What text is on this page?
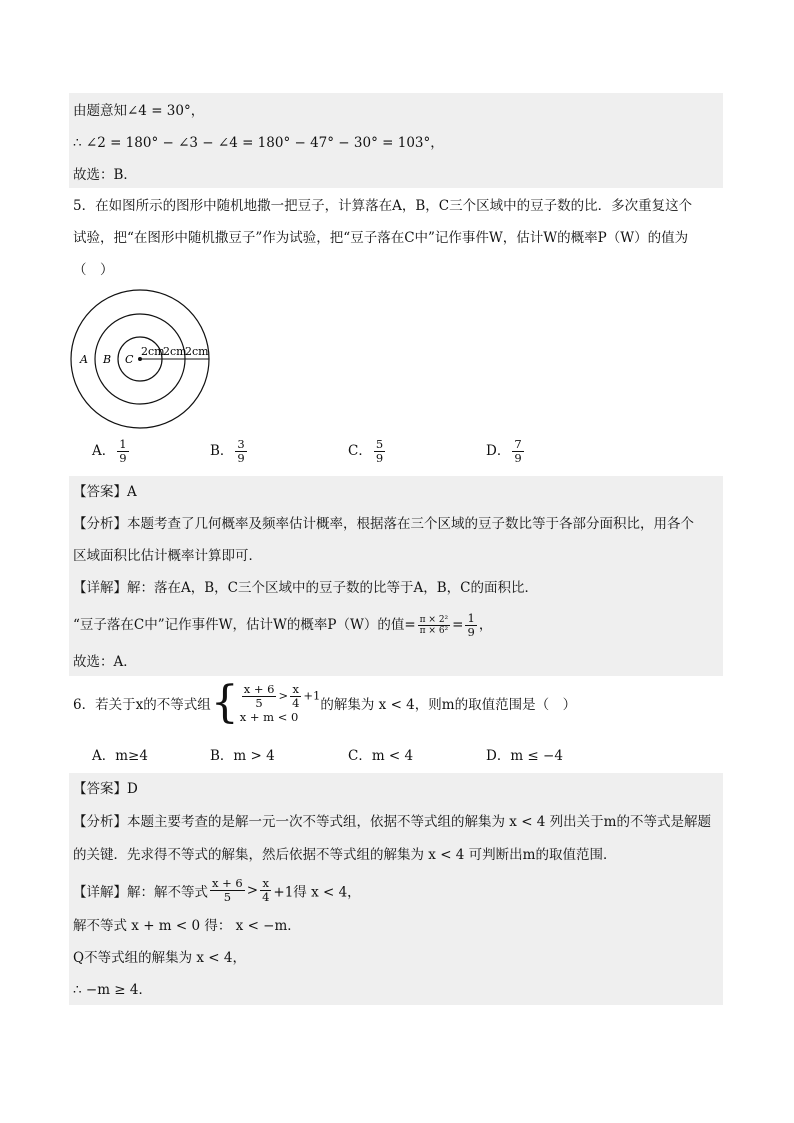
由题意知∠4 = 30°，
∴ ∠2 = 180° − ∠3 − ∠4 = 180° − 47° − 30° = 103°，
故选：B．
5．在如图所示的图形中随机地撒一把豆子，计算落在A，B，C三个区域中的豆子数的比．多次重复这个
试验，把“在图形中随机撒豆子”作为试验，把“豆子落在C中”记作事件W，估计W的概率P（W）的值为
（　）
A B C
2cm
2cm
2cm
A． $\frac{1}{9}$	B． $\frac{3}{9}$	C． $\frac{5}{9}$	D． $\frac{7}{9}$
【答案】A
【分析】本题考查了几何概率及频率估计概率，根据落在三个区域的豆子数比等于各部分面积比，用各个
区域面积比估计概率计算即可．
【详解】解：落在A，B，C三个区域中的豆子数的比等于A，B，C的面积比．
“豆子落在C中”记作事件W，估计W的概率P（W）的值= $\frac{\text{π × 2²}}{\text{π × 6²}} = \frac{1}{9}$ ，
故选：A．
6．若关于x的不等式组{ $\frac{x + 6}{5} > \frac{x}{4} +1$
x + m < 0
的解集为 x < 4，则m的取值范围是（　）
A．m≥4	B．m > 4	C．m < 4	D．m ≤ −4
【答案】D
【分析】本题主要考查的是解一元一次不等式组，依据不等式组的解集为 x < 4 列出关于m的不等式是解题
的关键．先求得不等式的解集，然后依据不等式组的解集为 x < 4 可判断出m的取值范围．
【详解】解：解不等式 $\frac{x + 6}{5} > \frac{x}{4} +1$得 x < 4，
解不等式 x + m < 0 得： x < −m．
Q不等式组的解集为 x < 4，
∴ −m ≥ 4．
